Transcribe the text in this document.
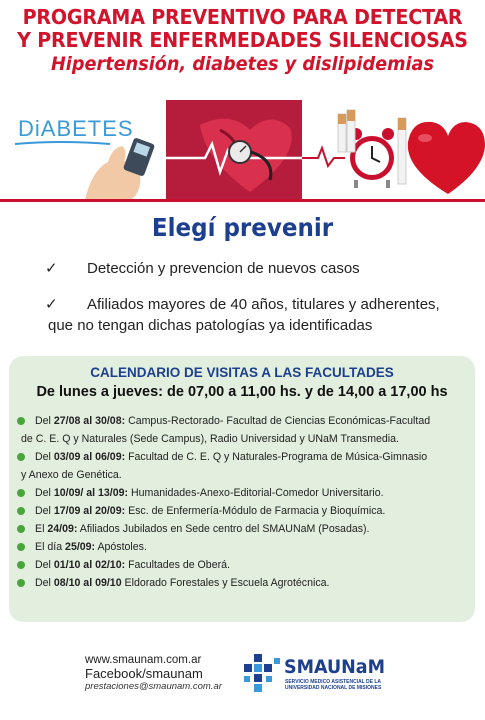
PROGRAMA PREVENTIVO PARA DETECTAR
Y PREVENIR ENFERMEDADES SILENCIOSAS
Hipertensión, diabetes y dislipidemias
DiABETES
Elegí prevenir
✓ Detección y prevencion de nuevos casos
✓ Afiliados mayores de 40 años, titulares y adherentes,
que no tengan dichas patologías ya identificadas
CALENDARIO DE VISITAS A LAS FACULTADES
De lunes a jueves: de 07,00 a 11,00 hs. y de 14,00 a 17,00 hs
Del 27/08 al 30/08: Campus-Rectorado- Facultad de Ciencias Económicas-Facultad
de C. E. Q y Naturales (Sede Campus), Radio Universidad y UNaM Transmedia.
Del 03/09 al 06/09: Facultad de C. E. Q y Naturales-Programa de Música-Gimnasio
y Anexo de Genética.
Del 10/09/ al 13/09: Humanidades-Anexo-Editorial-Comedor Universitario.
Del 17/09 al 20/09: Esc. de Enfermería-Módulo de Farmacia y Bioquímica.
El 24/09: Afiliados Jubilados en Sede centro del SMAUNaM (Posadas).
El día 25/09: Apóstoles.
Del 01/10 al 02/10: Facultades de Oberá.
Del 08/10 al 09/10 Eldorado Forestales y Escuela Agrotécnica.
www.smaunam.com.ar
Facebook/smaunam
prestaciones@smaunam.com.ar
SMAUNaM
SERVICIO MEDICO ASISTENCIAL DE LA UNIVERSIDAD NACIONAL DE MISIONES
